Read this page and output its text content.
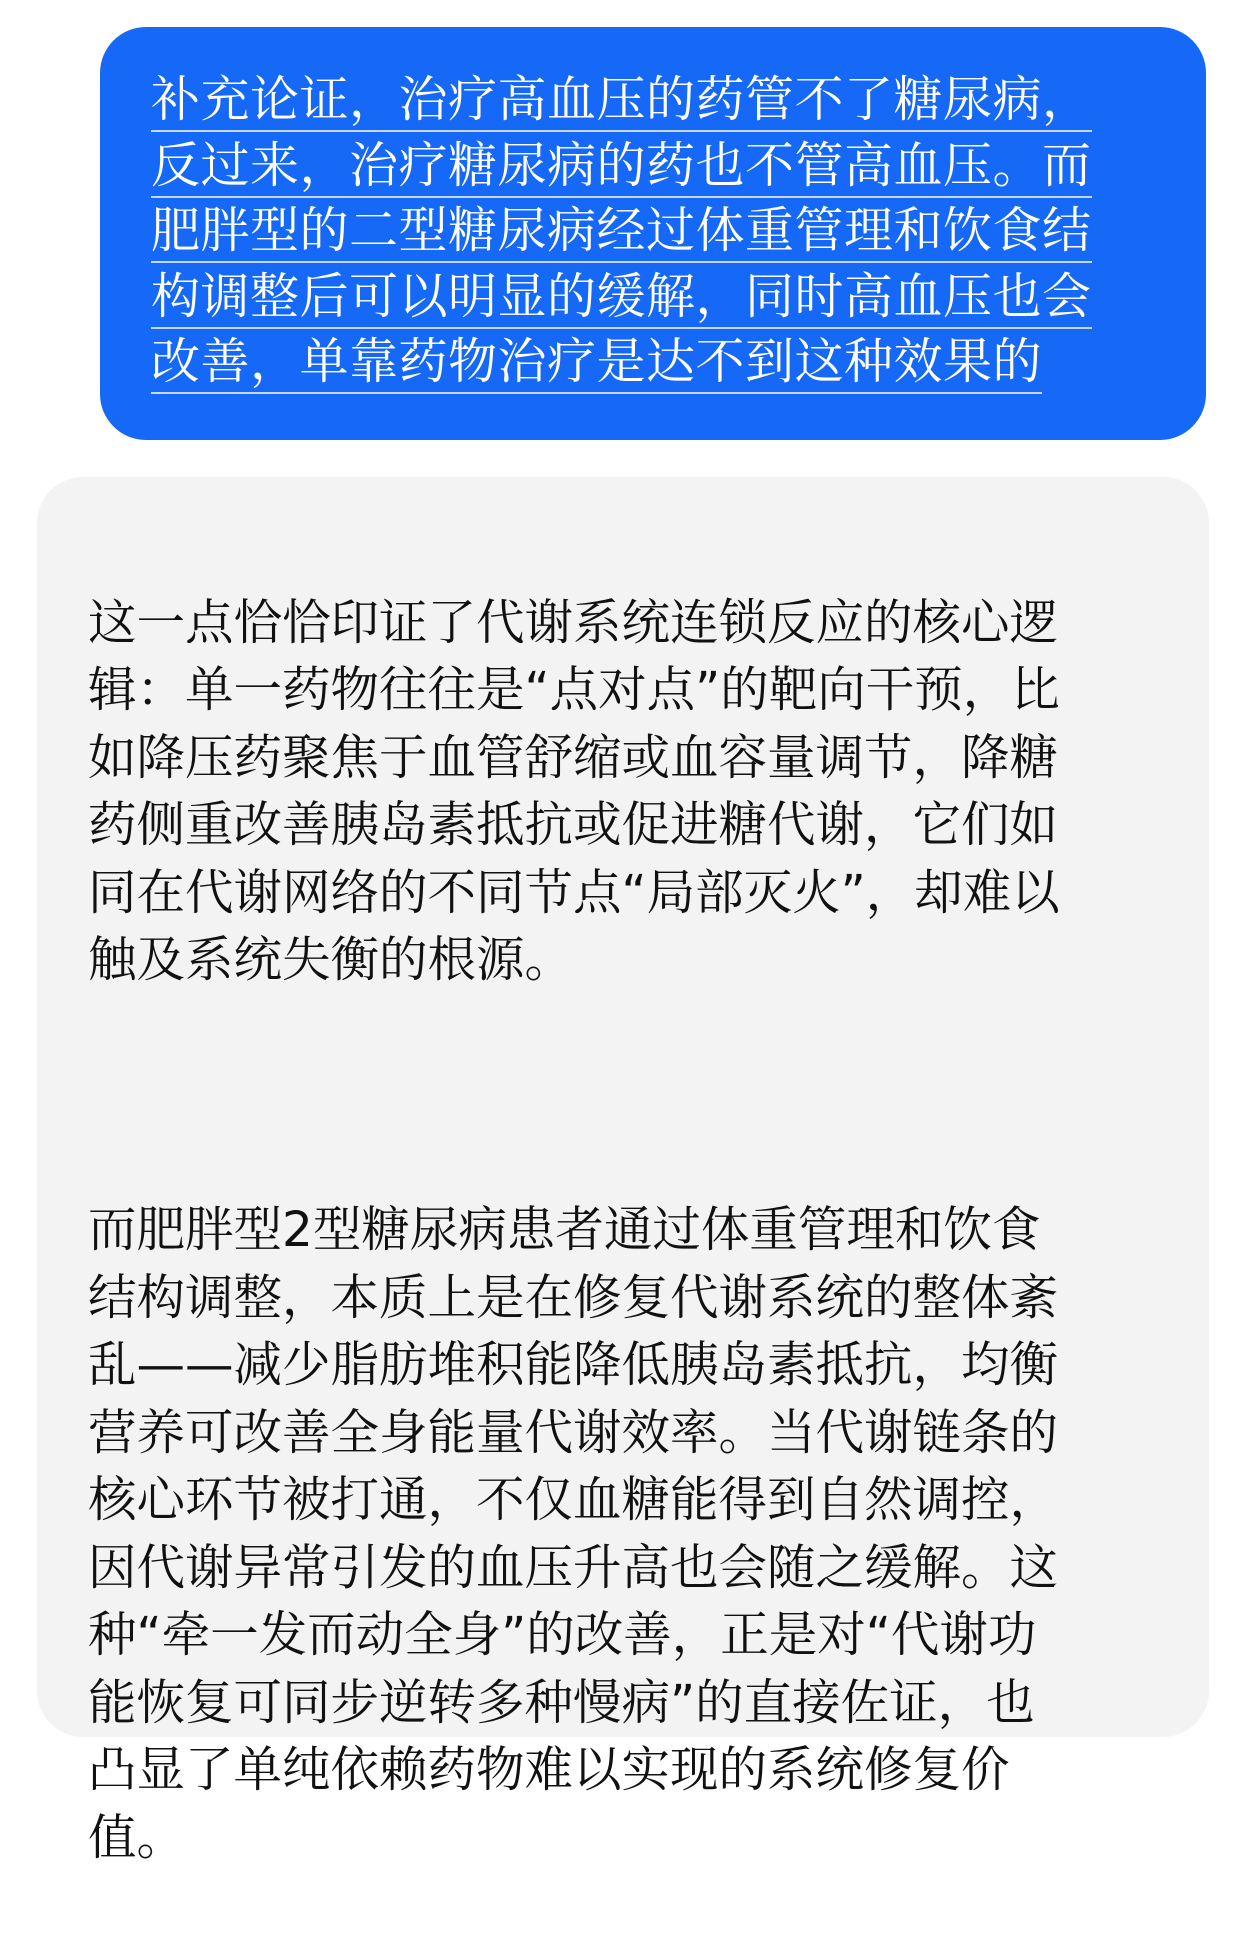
补充论证，治疗高血压的药管不了糖尿病，
反过来，治疗糖尿病的药也不管高血压。而
肥胖型的二型糖尿病经过体重管理和饮食结
构调整后可以明显的缓解，同时高血压也会
改善，单靠药物治疗是达不到这种效果的

这一点恰恰印证了代谢系统连锁反应的核心逻
辑：单一药物往往是“点对点”的靶向干预，比
如降压药聚焦于血管舒缩或血容量调节，降糖
药侧重改善胰岛素抵抗或促进糖代谢，它们如
同在代谢网络的不同节点“局部灭火”，却难以
触及系统失衡的根源。

而肥胖型2型糖尿病患者通过体重管理和饮食
结构调整，本质上是在修复代谢系统的整体紊
乱——减少脂肪堆积能降低胰岛素抵抗，均衡
营养可改善全身能量代谢效率。当代谢链条的
核心环节被打通，不仅血糖能得到自然调控，
因代谢异常引发的血压升高也会随之缓解。这
种“牵一发而动全身”的改善，正是对“代谢功
能恢复可同步逆转多种慢病”的直接佐证，也
凸显了单纯依赖药物难以实现的系统修复价
值。
